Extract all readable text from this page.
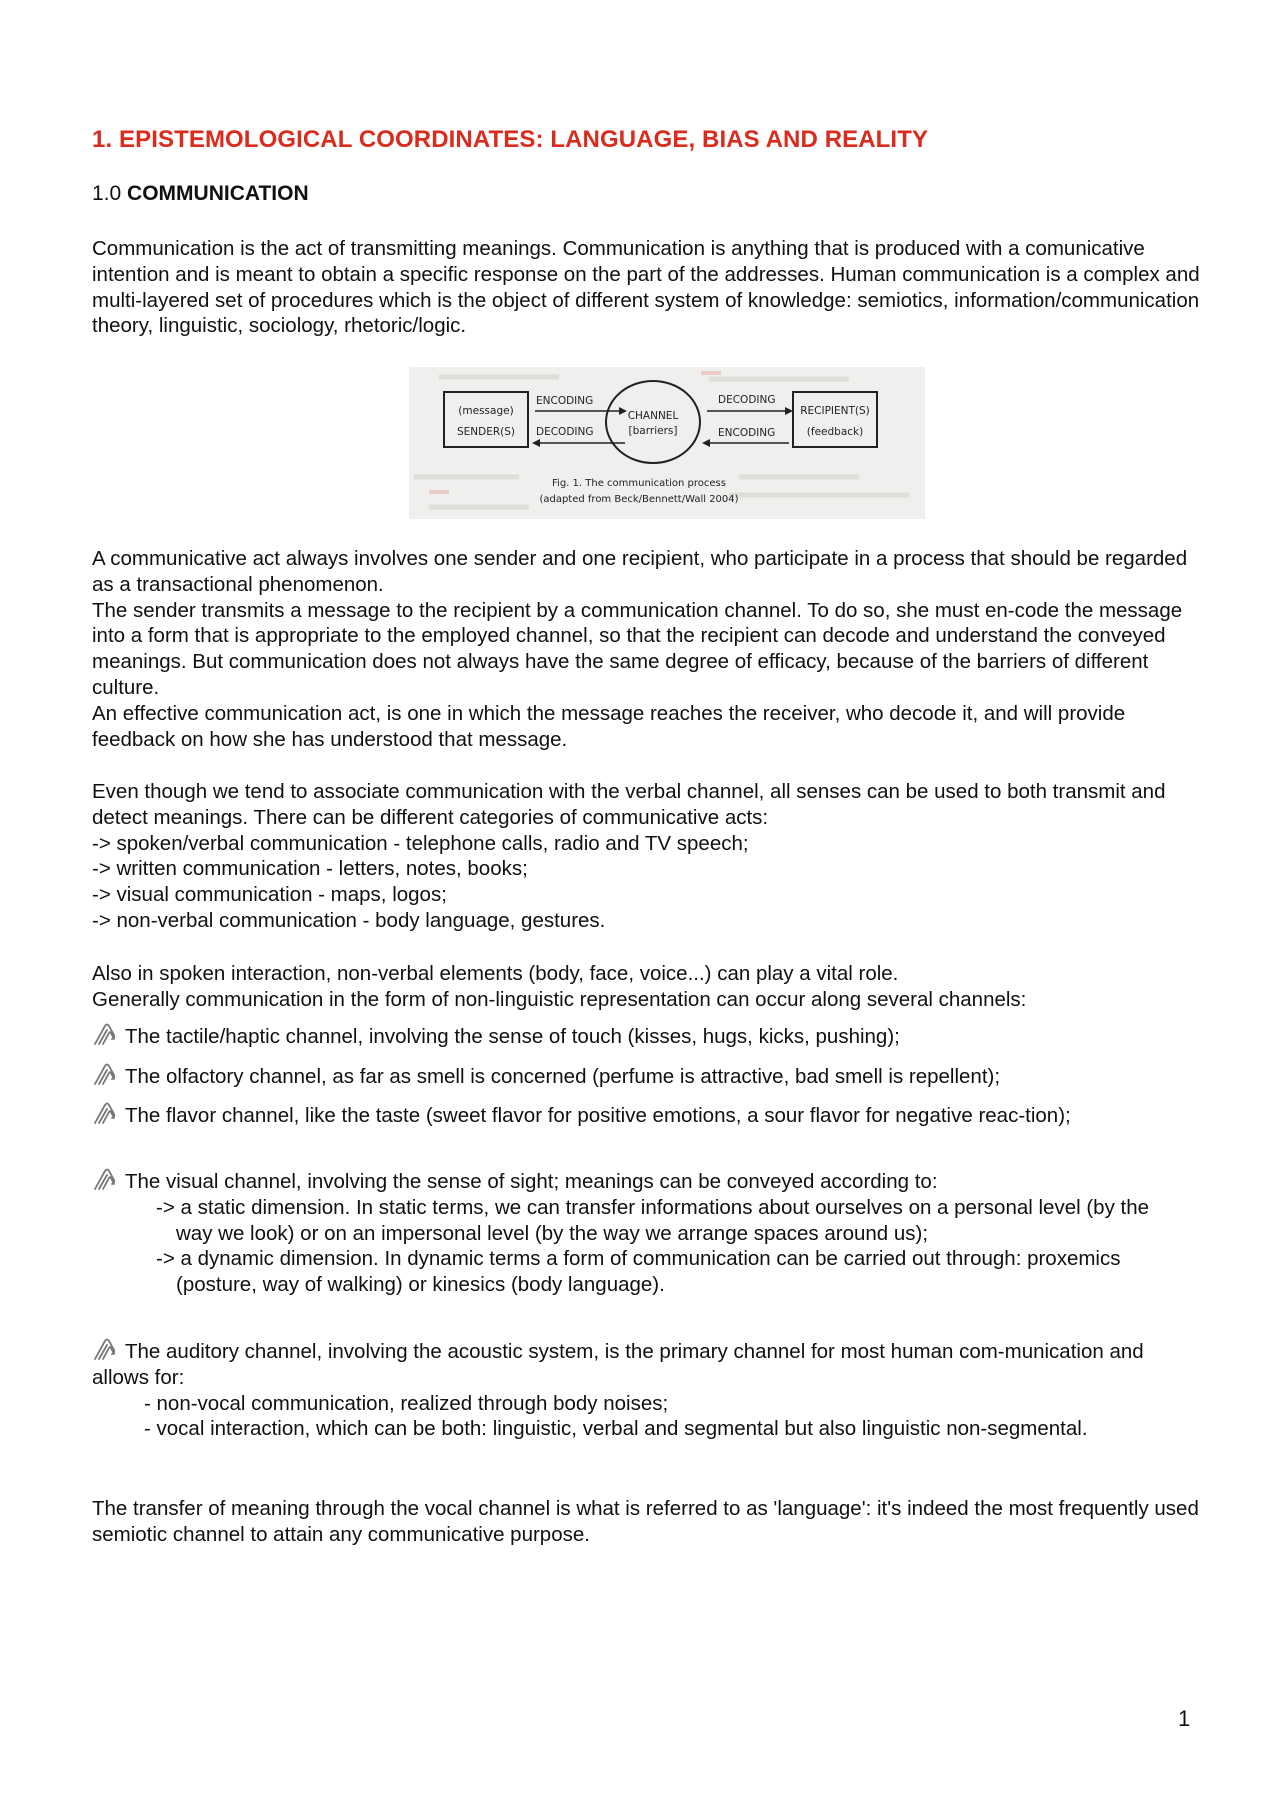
1. EPISTEMOLOGICAL COORDINATES: LANGUAGE, BIAS AND REALITY
1.0 COMMUNICATION

Communication is the act of transmitting meanings. Communication is anything that is produced with a comunicative intention and is meant to obtain a specific response on the part of the addresses. Human communication is a complex and multi-layered set of procedures which is the object of different system of knowledge: semiotics, information/communication theory, linguistic, sociology, rhetoric/logic.

(message)
SENDER(S)
ENCODING
DECODING
CHANNEL
[barriers]
DECODING
ENCODING
RECIPIENT(S)
(feedback)
Fig. 1. The communication process
(adapted from Beck/Bennett/Wall 2004)

A communicative act always involves one sender and one recipient, who participate in a process that should be regarded as a transactional phenomenon.

The sender transmits a message to the recipient by a communication channel. To do so, she must en-code the message into a form that is appropriate to the employed channel, so that the recipient can decode and understand the conveyed meanings. But communication does not always have the same degree of efficacy, because of the barriers of different culture.

An effective communication act, is one in which the message reaches the receiver, who decode it, and will provide feedback on how she has understood that message.

Even though we tend to associate communication with the verbal channel, all senses can be used to both transmit and detect meanings. There can be different categories of communicative acts:

-> spoken/verbal communication - telephone calls, radio and TV speech;

-> written communication - letters, notes, books;

-> visual communication - maps, logos;

-> non-verbal communication - body language, gestures.

Also in spoken interaction, non-verbal elements (body, face, voice...) can play a vital role.

Generally communication in the form of non-linguistic representation can occur along several channels:

The tactile/haptic channel, involving the sense of touch (kisses, hugs, kicks, pushing);
The olfactory channel, as far as smell is concerned (perfume is attractive, bad smell is repellent);
The flavor channel, like the taste (sweet flavor for positive emotions, a sour flavor for negative reac-tion);
The visual channel, involving the sense of sight; meanings can be conveyed according to:

-> a static dimension. In static terms, we can transfer informations about ourselves on a personal level (by the way we look) or on an impersonal level (by the way we arrange spaces around us);

-> a dynamic dimension. In dynamic terms a form of communication can be carried out through: proxemics (posture, way of walking) or kinesics (body language).

The auditory channel, involving the acoustic system, is the primary channel for most human com-munication and allows for:

- non-vocal communication, realized through body noises;

- vocal interaction, which can be both: linguistic, verbal and segmental but also linguistic non-segmental.

The transfer of meaning through the vocal channel is what is referred to as 'language': it's indeed the most frequently used semiotic channel to attain any communicative purpose.

1
